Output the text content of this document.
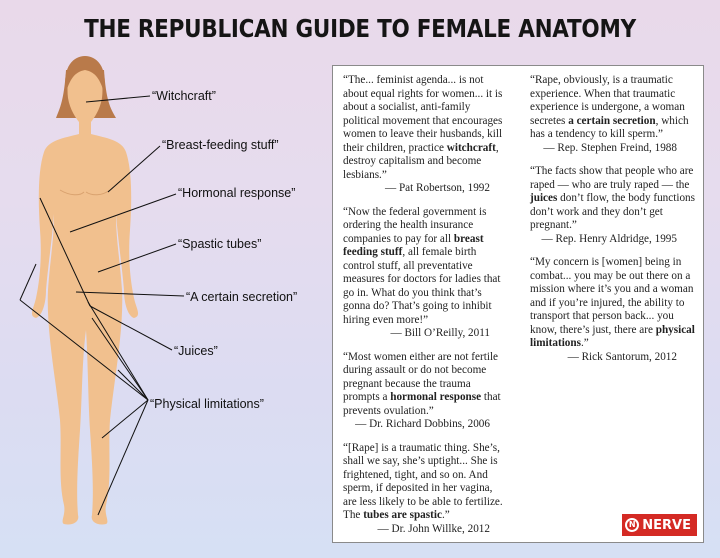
THE REPUBLICAN GUIDE TO FEMALE ANATOMY
“Witchcraft”
“Breast-feeding stuff”
“Hormonal response”
“Spastic tubes”
“A certain secretion”
“Juices”
“Physical limitations”
“The... feminist agenda... is not about equal rights for women... it is about a socialist, anti-family political movement that encourages women to leave their husbands, kill their children, practice witchcraft, destroy capitalism and become lesbians.”
— Pat Robertson, 1992
“Now the federal government is ordering the health insurance companies to pay for all breast feeding stuff, all female birth control stuff, all preventative measures for doctors for ladies that go in. What do you think that’s gonna do? That’s going to inhibit hiring even more!”
— Bill O’Reilly, 2011
“Most women either are not fertile during assault or do not become pregnant because the trauma prompts a hormonal response that prevents ovulation.”
— Dr. Richard Dobbins, 2006
“[Rape] is a traumatic thing. She’s, shall we say, she’s uptight... She is frightened, tight, and so on. And sperm, if deposited in her vagina, are less likely to be able to fertilize. The tubes are spastic.”
— Dr. John Willke, 2012
“Rape, obviously, is a traumatic experience. When that traumatic experience is undergone, a woman secretes a certain secretion, which has a tendency to kill sperm.”
— Rep. Stephen Freind, 1988
“The facts show that people who are raped — who are truly raped — the juices don’t flow, the body functions don’t work and they don’t get pregnant.”
— Rep. Henry Aldridge, 1995
“My concern is [women] being in combat... you may be out there on a mission where it’s you and a woman and if you’re injured, the ability to transport that person back... you know, there’s just, there are physical limitations.”
— Rick Santorum, 2012
N NERVE
